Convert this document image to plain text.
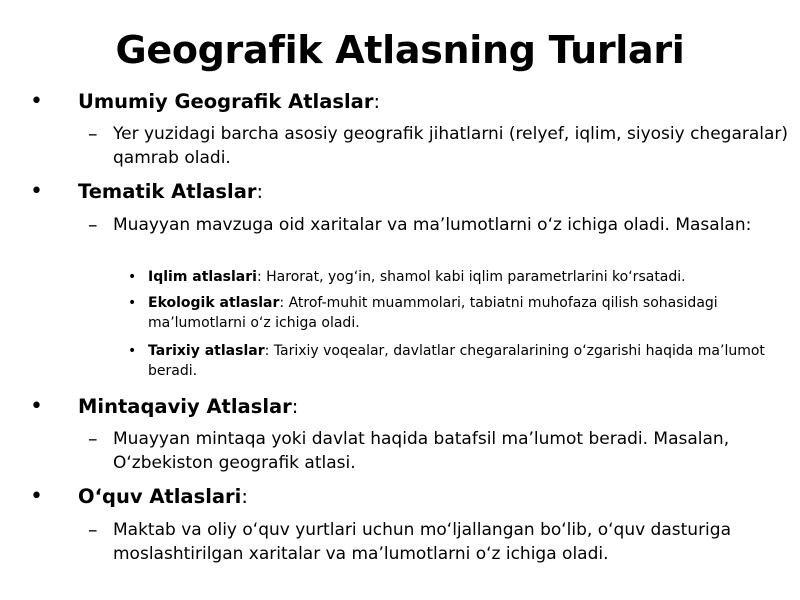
Geografik Atlasning Turlari
• Umumiy Geografik Atlaslar:
– Yer yuzidagi barcha asosiy geografik jihatlarni (relyef, iqlim, siyosiy chegaralar) qamrab oladi.
• Tematik Atlaslar:
– Muayyan mavzuga oid xaritalar va ma’lumotlarni o‘z ichiga oladi. Masalan:
• Iqlim atlaslari: Harorat, yog‘in, shamol kabi iqlim parametrlarini ko‘rsatadi.
• Ekologik atlaslar: Atrof-muhit muammolari, tabiatni muhofaza qilish sohasidagi ma’lumotlarni o‘z ichiga oladi.
• Tarixiy atlaslar: Tarixiy voqealar, davlatlar chegaralarining o‘zgarishi haqida ma’lumot beradi.
• Mintaqaviy Atlaslar:
– Muayyan mintaqa yoki davlat haqida batafsil ma’lumot beradi. Masalan, O‘zbekiston geografik atlasi.
• O‘quv Atlaslari:
– Maktab va oliy o‘quv yurtlari uchun mo‘ljallangan bo‘lib, o‘quv dasturiga moslashtirilgan xaritalar va ma’lumotlarni o‘z ichiga oladi.
